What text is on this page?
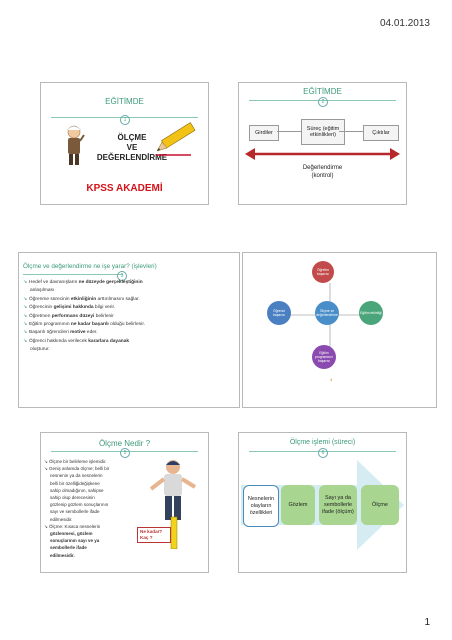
04.01.2013
EĞİTİMDE
1
ÖLÇME
VE
DEĞERLENDİRME
KPSS AKADEMİ
EĞİTİMDE
2
Girdiler
Süreç (eğitim etkinlikleri)	Çıktılar
Değerlendirme
(kontrol)
Ölçme ve değerlendirme ne işe yarar? (işlevleri)
3
↘ Hedef ve davranışların ne düzeyde gerçekleştiğinin
anlaşılması
↘ Öğrenme sürecinin etkinliğinin arttırılmasını sağlar.
↘ Öğrencinin gelişimi hakkında bilgi verir.
↘ Öğretmen performans düzeyi belirlenir
↘ Eğitim programının ne kadar başarılı olduğu belirlenir.
↘ Başarılı öğrencileri motive eder.
↘ Öğrenci hakkında verilecek kararlara dayanak
oluşturur.
Öğretim başarısı
Öğrenci başarısı
Ölçme ve değerlendirme	Eğitim etkinliği
Eğitim programının başarısı
4
Ölçme Nedir ?
5
↘ Ölçme bir belirleme işlemidir.
↘ Geniş anlamda ölçme; belli bir
nesnenin ya da nesnelerin
belli bir özelliğideğişkene
sahip olmadığının, sahipse
sahip olup derecesinin
gözlenip gözlem sonuçlarının
sayı ve sembollerle ifade
edilmesidir.
↘ Ölçme: Kısaca nesnelerin
gözlenmesi, gözlem
sonuçlarının sayı ve ya
sembollerle ifade
edilmesidir.
Ne kadar?
Kaç ?
Ölçme işlemi (süreci)
6
Nesnelerin olayların özellikleri
Gözlem
Sayı ya da sembollerle ifade (ölçüm)
Ölçme
1
